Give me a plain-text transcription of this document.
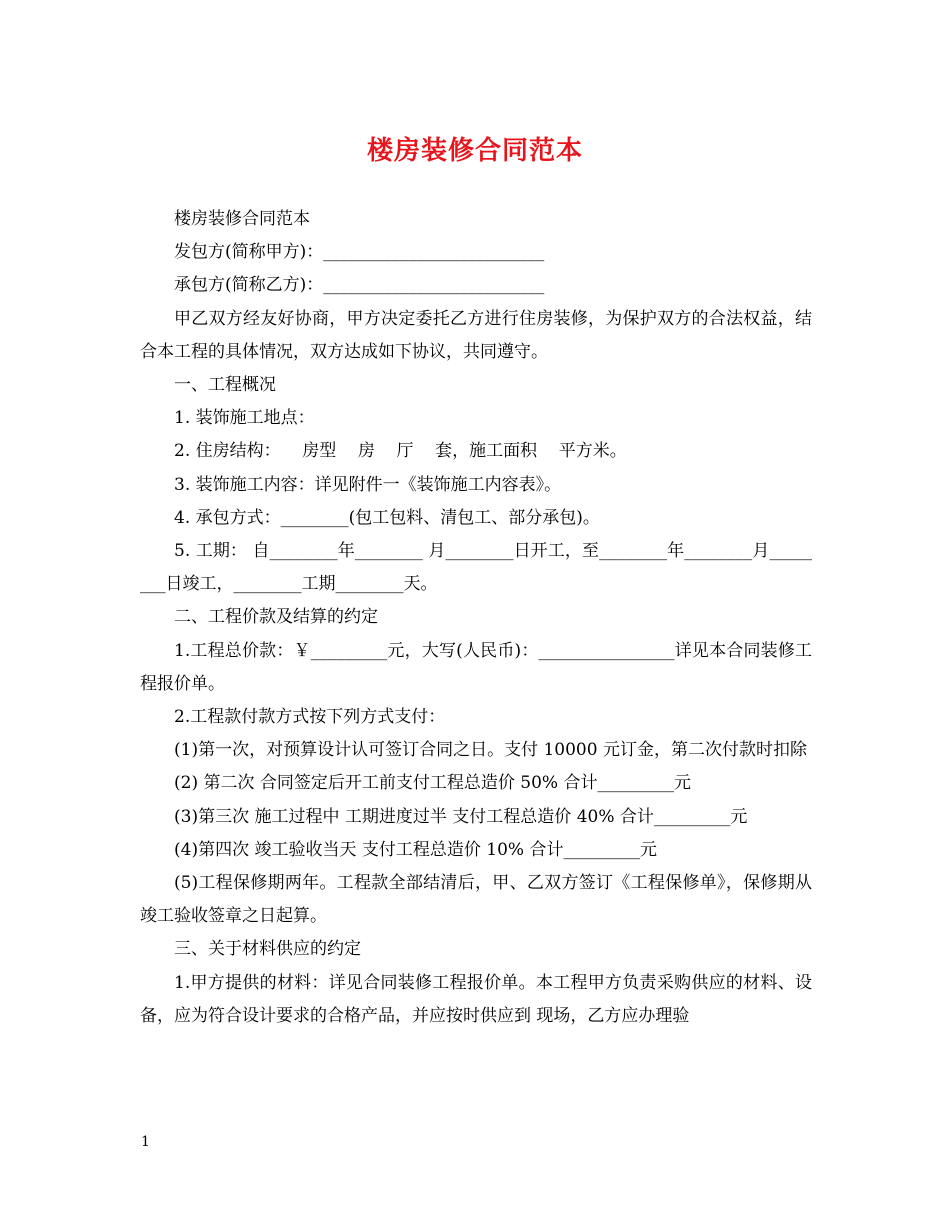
楼房装修合同范本

楼房装修合同范本

发包方(简称甲方)：__________________________

承包方(简称乙方)：__________________________

甲乙双方经友好协商，甲方决定委托乙方进行住房装修，为保护双方的合法权益，结合本工程的具体情况，双方达成如下协议，共同遵守。

一、工程概况

1. 装饰施工地点：

2. 住房结构：    房型    房    厅    套，施工面积    平方米。

3. 装饰施工内容：详见附件一《装饰施工内容表》。

4. 承包方式：________(包工包料、清包工、部分承包)。

5. 工期： 自________年________ 月________日开工，至________年________月________日竣工，________工期________天。

二、工程价款及结算的约定

1.工程总价款：￥_________元，大写(人民币)：________________详见本合同装修工程报价单。

2.工程款付款方式按下列方式支付：

(1)第一次，对预算设计认可签订合同之日。支付 10000 元订金，第二次付款时扣除

(2) 第二次 合同签定后开工前支付工程总造价 50% 合计_________元

(3)第三次 施工过程中 工期进度过半 支付工程总造价 40% 合计_________元

(4)第四次 竣工验收当天 支付工程总造价 10% 合计_________元

(5)工程保修期两年。工程款全部结清后，甲、乙双方签订《工程保修单》，保修期从竣工验收签章之日起算。

三、关于材料供应的约定

1.甲方提供的材料：详见合同装修工程报价单。本工程甲方负责采购供应的材料、设备，应为符合设计要求的合格产品，并应按时供应到 现场，乙方应办理验

1
